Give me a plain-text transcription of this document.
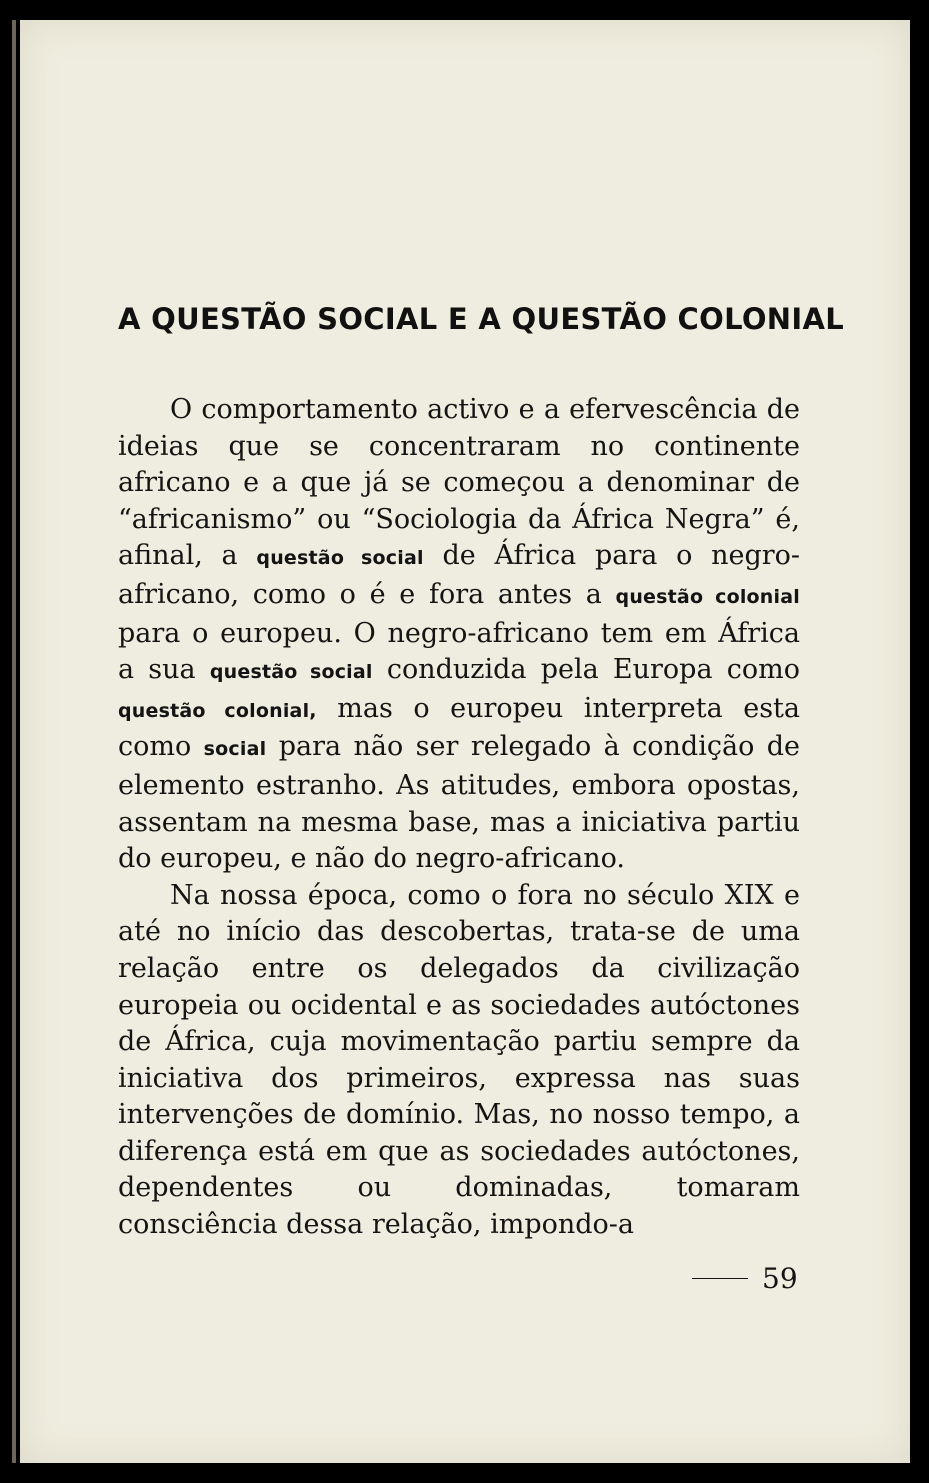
A QUESTÃO SOCIAL E A QUESTÃO COLONIAL

O comportamento activo e a efervescência de ideias que se concentraram no continente africano e a que já se começou a denominar de “africanismo” ou “Sociologia da África Negra” é, afinal, a questão social de África para o negro-africano, como o é e fora antes a questão colonial para o europeu. O negro-africano tem em África a sua questão social conduzida pela Europa como questão colonial, mas o europeu interpreta esta como social para não ser relegado à condição de elemento estranho. As atitudes, embora opostas, assentam na mesma base, mas a iniciativa partiu do europeu, e não do negro-africano.

Na nossa época, como o fora no século XIX e até no início das descobertas, trata-se de uma relação entre os delegados da civilização europeia ou ocidental e as sociedades autóctones de África, cuja movimentação partiu sempre da iniciativa dos primeiros, expressa nas suas intervenções de domínio. Mas, no nosso tempo, a diferença está em que as sociedades autóctones, dependentes ou dominadas, tomaram consciência dessa relação, impondo-a

59
